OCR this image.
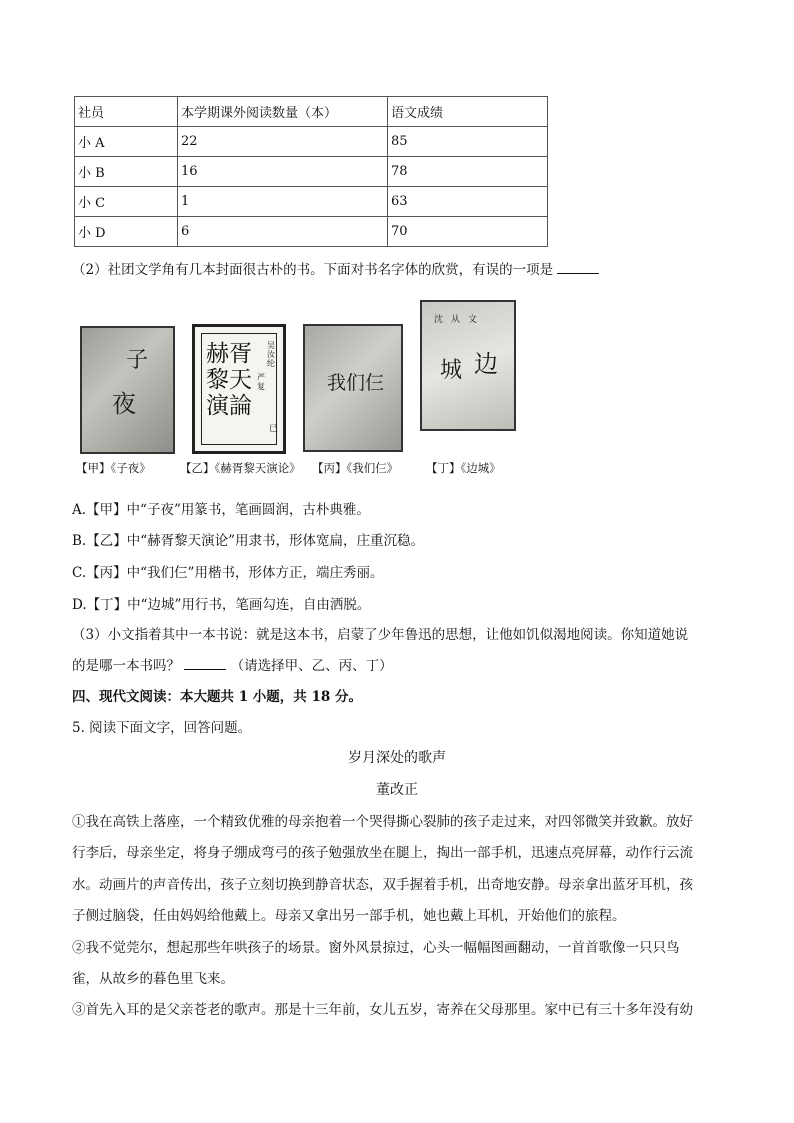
社员	本学期课外阅读数量（本）	语文成绩
小 A	22	85
小 B	16	78
小 C	1	63
小 D	6	70
（2）社团文学角有几本封面很古朴的书。下面对书名字体的欣赏，有误的一项是
子
夜
赫胥黎天演論
吴汝纶
严复
已
我们仨
沈从文
边
城
【甲】《子夜》	【乙】《赫胥黎天演论》 【丙】《我们仨》 【丁】《边城》
A.【甲】中“子夜”用篆书，笔画圆润，古朴典雅。
B.【乙】中“赫胥黎天演论”用隶书，形体宽扁，庄重沉稳。
C.【丙】中“我们仨”用楷书，形体方正，端庄秀丽。
D.【丁】中“边城”用行书，笔画勾连，自由洒脱。
（3）小文指着其中一本书说：就是这本书，启蒙了少年鲁迅的思想，让他如饥似渴地阅读。你知道她说
的是哪一本书吗？	（请选择甲、乙、丙、丁）
四、现代文阅读：本大题共 1 小题，共 18 分。
5. 阅读下面文字，回答问题。
岁月深处的歌声
董改正
①我在高铁上落座，一个精致优雅的母亲抱着一个哭得撕心裂肺的孩子走过来，对四邻微笑并致歉。放好
行李后，母亲坐定，将身子绷成弯弓的孩子勉强放坐在腿上，掏出一部手机，迅速点亮屏幕，动作行云流
水。动画片的声音传出，孩子立刻切换到静音状态，双手握着手机，出奇地安静。母亲拿出蓝牙耳机，孩
子侧过脑袋，任由妈妈给他戴上。母亲又拿出另一部手机，她也戴上耳机，开始他们的旅程。
②我不觉莞尔，想起那些年哄孩子的场景。窗外风景掠过，心头一幅幅图画翻动，一首首歌像一只只鸟
雀，从故乡的暮色里飞来。
③首先入耳的是父亲苍老的歌声。那是十三年前，女儿五岁，寄养在父母那里。家中已有三十多年没有幼
